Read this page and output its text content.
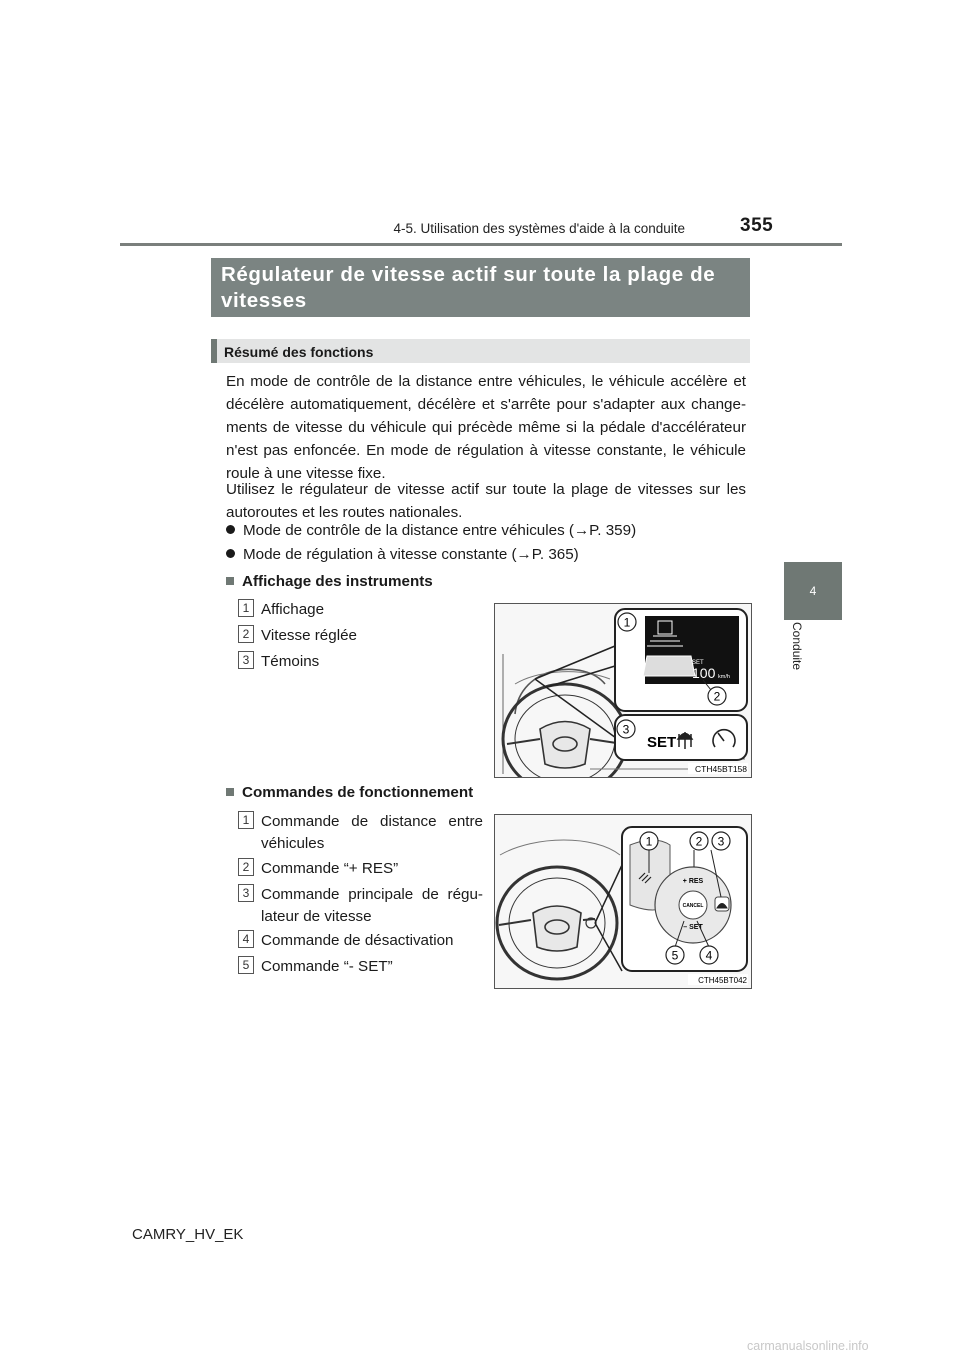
4-5. Utilisation des systèmes d'aide à la conduite	355
4
Conduite
Régulateur de vitesse actif sur toute la plage de vitesses
Résumé des fonctions
En mode de contrôle de la distance entre véhicules, le véhicule accélère et décélère automatiquement, décélère et s'arrête pour s'adapter aux change-ments de vitesse du véhicule qui précède même si la pédale d'accélérateur n'est pas enfoncée. En mode de régulation à vitesse constante, le véhicule roule à une vitesse fixe.
Utilisez le régulateur de vitesse actif sur toute la plage de vitesses sur les autoroutes et les routes nationales.
Mode de contrôle de la distance entre véhicules (→P. 359)
Mode de régulation à vitesse constante (→P. 365)
Affichage des instruments
1 Affichage
2 Vitesse réglée
3 Témoins	SET
100 km/h
1
2
SET
3
CTH45BT158
Commandes de fonctionnement
1 Commande de distance entre véhicules
2 Commande “+ RES”
3 Commande principale de régu-lateur de vitesse
4 Commande de désactivation
5 Commande “- SET”
+ RES
CANCEL
– SET
1	2 3
4
5
CTH45BT042
CAMRY_HV_EK
carmanualsonline.info
